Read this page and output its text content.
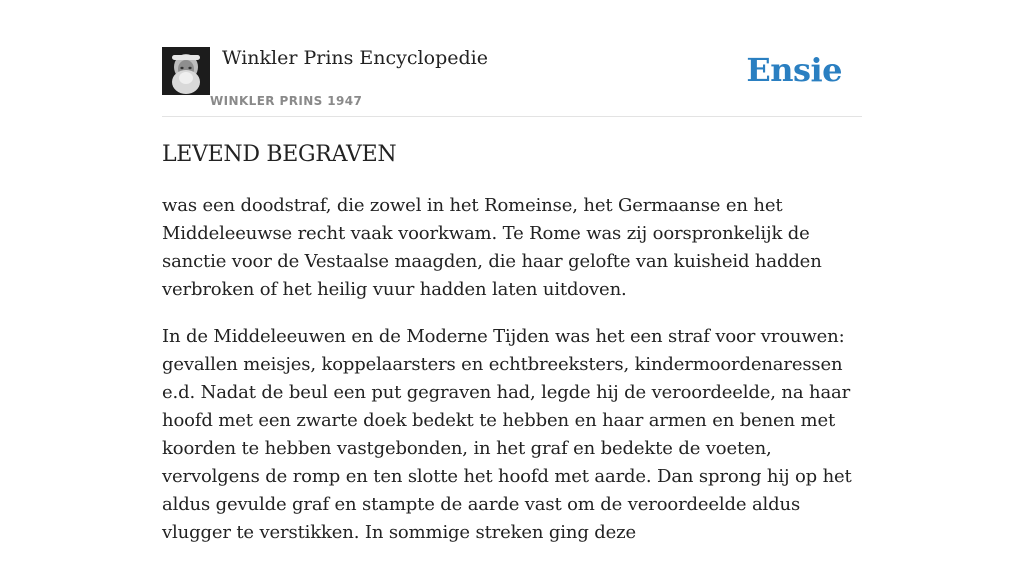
Winkler Prins Encyclopedie
WINKLER PRINS 1947
Ensie
LEVEND BEGRAVEN

was een doodstraf, die zowel in het Romeinse, het Germaanse en het Middeleeuwse recht vaak voorkwam. Te Rome was zij oorspronkelijk de sanctie voor de Vestaalse maagden, die haar gelofte van kuisheid hadden verbroken of het heilig vuur hadden laten uitdoven.

In de Middeleeuwen en de Moderne Tijden was het een straf voor vrouwen: gevallen meisjes, koppelaarsters en echtbreeksters, kindermoordenaressen e.d. Nadat de beul een put gegraven had, legde hij de veroordeelde, na haar hoofd met een zwarte doek bedekt te hebben en haar armen en benen met koorden te hebben vastgebonden, in het graf en bedekte de voeten, vervolgens de romp en ten slotte het hoofd met aarde. Dan sprong hij op het aldus gevulde graf en stampte de aarde vast om de veroordeelde aldus vlugger te verstikken. In sommige streken ging deze
